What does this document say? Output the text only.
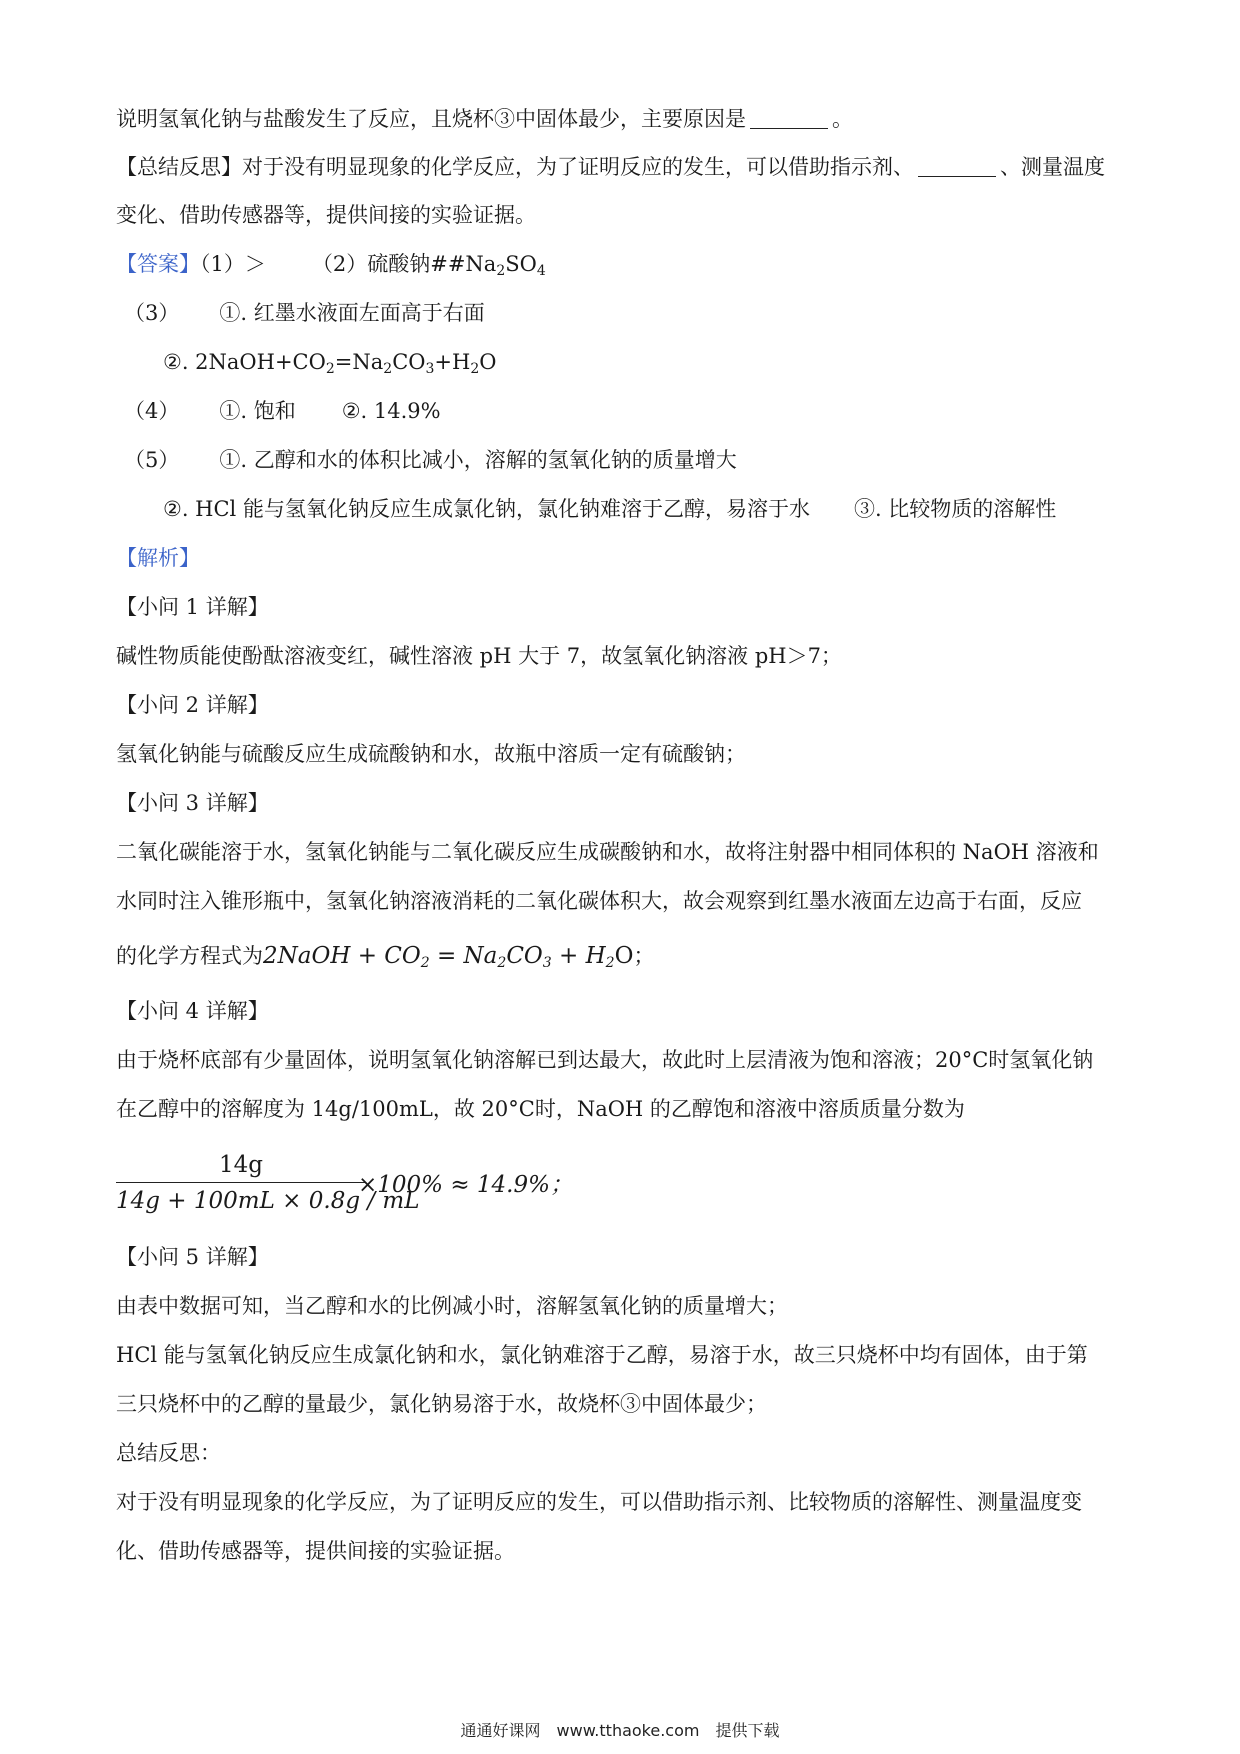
说明氢氧化钠与盐酸发生了反应，且烧杯③中固体最少，主要原因是	。
【总结反思】对于没有明显现象的化学反应，为了证明反应的发生，可以借助指示剂、	、测量温度
变化、借助传感器等，提供间接的实验证据。
【答案】（1）＞ （2）硫酸钠$\#\#Na_2SO_4$
（3） ①. 红墨水液面左面高于右面
②. $2NaOH+CO_2=Na_2CO_3+H_2O$
（4） ①. 饱和 ②. 14.9%
（5） ①. 乙醇和水的体积比减小，溶解的氢氧化钠的质量增大
②. HCl 能与氢氧化钠反应生成氯化钠，氯化钠难溶于乙醇，易溶于水 ③. 比较物质的溶解性
【解析】
【小问 1 详解】
碱性物质能使酚酞溶液变红，碱性溶液 pH 大于 7，故氢氧化钠溶液 pH＞7；
【小问 2 详解】
氢氧化钠能与硫酸反应生成硫酸钠和水，故瓶中溶质一定有硫酸钠；
【小问 3 详解】
二氧化碳能溶于水，氢氧化钠能与二氧化碳反应生成碳酸钠和水，故将注射器中相同体积的 NaOH 溶液和
水同时注入锥形瓶中，氢氧化钠溶液消耗的二氧化碳体积大，故会观察到红墨水液面左边高于右面，反应
的化学方程式为2NaOH + $CO_2 = Na_2CO_3 + H_2O$；
【小问 4 详解】
由于烧杯底部有少量固体，说明氢氧化钠溶解已到达最大，故此时上层清液为饱和溶液；20°C时氢氧化钠
在乙醇中的溶解度为 14g/100mL，故 20°C时，NaOH 的乙醇饱和溶液中溶质质量分数为
14g
14g + 100mL × 0.8g / mL
×100% ≈ 14.9%；
【小问 5 详解】
由表中数据可知，当乙醇和水的比例减小时，溶解氢氧化钠的质量增大；
HCl 能与氢氧化钠反应生成氯化钠和水，氯化钠难溶于乙醇，易溶于水，故三只烧杯中均有固体，由于第
三只烧杯中的乙醇的量最少，氯化钠易溶于水，故烧杯③中固体最少；
总结反思：
对于没有明显现象的化学反应，为了证明反应的发生，可以借助指示剂、比较物质的溶解性、测量温度变
化、借助传感器等，提供间接的实验证据。
通通好课网　www.tthaoke.com　提供下载
